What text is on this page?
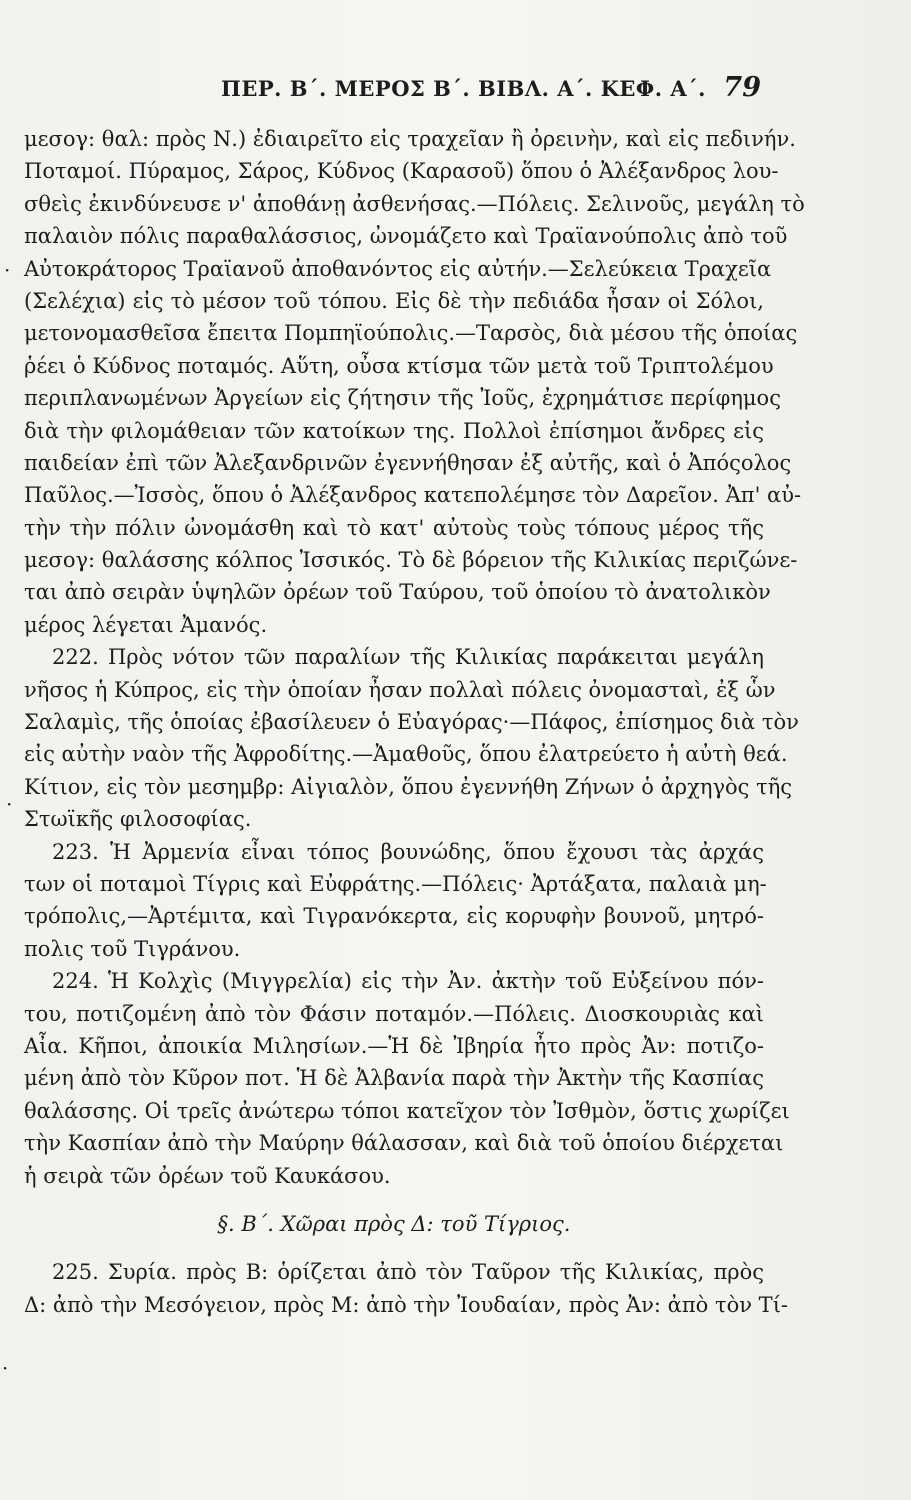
ΠΕΡ. Β΄. ΜΕΡΟΣ Β΄. ΒΙΒΛ. Α΄. ΚΕΦ. Α΄. 79
μεσογ: θαλ: πρὸς Ν.) ἐδιαιρεῖτο εἰς τραχεῖαν ἢ ὀρεινὴν, καὶ εἰς πεδινήν.
Ποταμοί. Πύραμος, Σάρος, Κύδνος (Καρασοῦ) ὅπου ὁ Ἀλέξανδρος λου-
σθεὶς ἐκινδύνευσε ν' ἀποθάνῃ ἀσθενήσας.—Πόλεις. Σελινοῦς, μεγάλη τὸ
παλαιὸν πόλις παραθαλάσσιος, ὠνομάζετο καὶ Τραϊανούπολις ἀπὸ τοῦ
Αὐτοκράτορος Τραϊανοῦ ἀποθανόντος εἰς αὐτήν.—Σελεύκεια Τραχεῖα
(Σελέχια) εἰς τὸ μέσον τοῦ τόπου. Εἰς δὲ τὴν πεδιάδα ἦσαν οἱ Σόλοι,
μετονομασθεῖσα ἔπειτα Πομπηϊούπολις.—Ταρσὸς, διὰ μέσου τῆς ὁποίας
ῥέει ὁ Κύδνος ποταμός. Αὕτη, οὖσα κτίσμα τῶν μετὰ τοῦ Τριπτολέμου
περιπλανωμένων Ἀργείων εἰς ζήτησιν τῆς Ἰοῦς, ἐχρημάτισε περίφημος
διὰ τὴν φιλομάθειαν τῶν κατοίκων της. Πολλοὶ ἐπίσημοι ἄνδρες εἰς
παιδείαν ἐπὶ τῶν Ἀλεξανδρινῶν ἐγεννήθησαν ἐξ αὐτῆς, καὶ ὁ Ἀπόςολος
Παῦλος.—Ἰσσὸς, ὅπου ὁ Ἀλέξανδρος κατεπολέμησε τὸν Δαρεῖον. Ἀπ' αὐ-
τὴν τὴν πόλιν ὠνομάσθη καὶ τὸ κατ' αὐτοὺς τοὺς τόπους μέρος τῆς
μεσογ: θαλάσσης κόλπος Ἰσσικός. Τὸ δὲ βόρειον τῆς Κιλικίας περιζώνε-
ται ἀπὸ σειρὰν ὑψηλῶν ὀρέων τοῦ Ταύρου, τοῦ ὁποίου τὸ ἀνατολικὸν
μέρος λέγεται Ἀμανός.
222. Πρὸς νότον τῶν παραλίων τῆς Κιλικίας παράκειται μεγάλη
νῆσος ἡ Κύπρος, εἰς τὴν ὁποίαν ἦσαν πολλαὶ πόλεις ὀνομασταὶ, ἐξ ὧν
Σαλαμὶς, τῆς ὁποίας ἐβασίλευεν ὁ Εὐαγόρας·—Πάφος, ἐπίσημος διὰ τὸν
εἰς αὐτὴν ναὸν τῆς Ἀφροδίτης.—Ἀμαθοῦς, ὅπου ἐλατρεύετο ἡ αὐτὴ θεά.
Κίτιον, εἰς τὸν μεσημβρ: Αἰγιαλὸν, ὅπου ἐγεννήθη Ζήνων ὁ ἀρχηγὸς τῆς
Στωϊκῆς φιλοσοφίας.
223. Ἡ Ἀρμενία εἶναι τόπος βουνώδης, ὅπου ἔχουσι τὰς ἀρχάς
των οἱ ποταμοὶ Τίγρις καὶ Εὐφράτης.—Πόλεις· Ἀρτάξατα, παλαιὰ μη-
τρόπολις,—Ἀρτέμιτα, καὶ Τιγρανόκερτα, εἰς κορυφὴν βουνοῦ, μητρό-
πολις τοῦ Τιγράνου.
224. Ἡ Κολχὶς (Μιγγρελία) εἰς τὴν Ἀν. ἀκτὴν τοῦ Εὐξείνου πόν-
του, ποτιζομένη ἀπὸ τὸν Φάσιν ποταμόν.—Πόλεις. Διοσκουριὰς καὶ
Αἶα. Κῆποι, ἀποικία Μιλησίων.—Ἡ δὲ Ἰβηρία ἦτο πρὸς Ἀν: ποτιζο-
μένη ἀπὸ τὸν Κῦρον ποτ. Ἡ δὲ Ἀλβανία παρὰ τὴν Ἀκτὴν τῆς Κασπίας
θαλάσσης. Οἱ τρεῖς ἀνώτερω τόποι κατεῖχον τὸν Ἰσθμὸν, ὅστις χωρίζει
τὴν Κασπίαν ἀπὸ τὴν Μαύρην θάλασσαν, καὶ διὰ τοῦ ὁποίου διέρχεται
ἡ σειρὰ τῶν ὀρέων τοῦ Καυκάσου.
§. Β΄. Χῶραι πρὸς Δ: τοῦ Τίγριος.
225. Συρία. πρὸς Β: ὁρίζεται ἀπὸ τὸν Ταῦρον τῆς Κιλικίας, πρὸς
Δ: ἀπὸ τὴν Μεσόγειον, πρὸς Μ: ἀπὸ τὴν Ἰουδαίαν, πρὸς Ἀν: ἀπὸ τὸν Τί-
·
·
·
